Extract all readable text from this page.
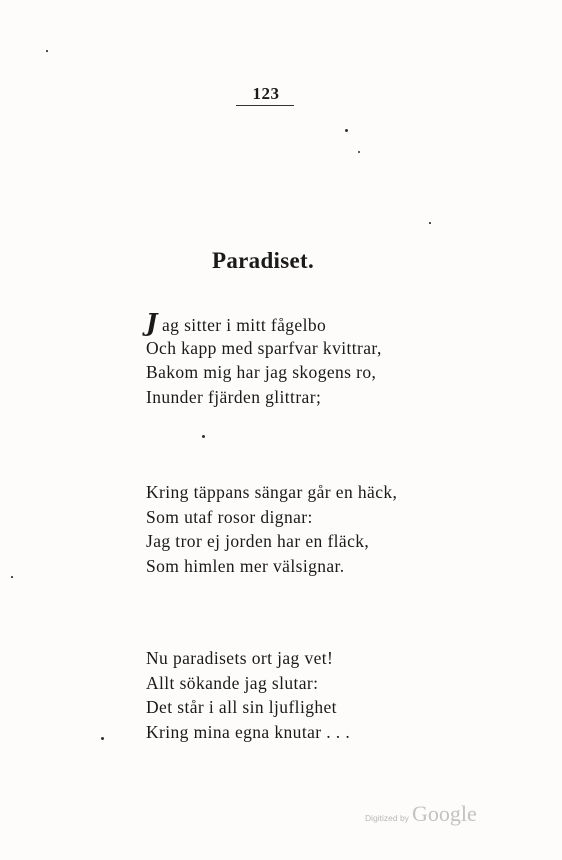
123
Paradiset.
J ag sitter i mitt fågelbo
Och kapp med sparfvar kvittrar,
Bakom mig har jag skogens ro,
Inunder fjärden glittrar;
Kring täppans sängar går en häck,
Som utaf rosor dignar:
Jag tror ej jorden har en fläck,
Som himlen mer välsignar.
Nu paradisets ort jag vet!
Allt sökande jag slutar:
Det står i all sin ljuflighet
Kring mina egna knutar . . .
Digitized by Google
